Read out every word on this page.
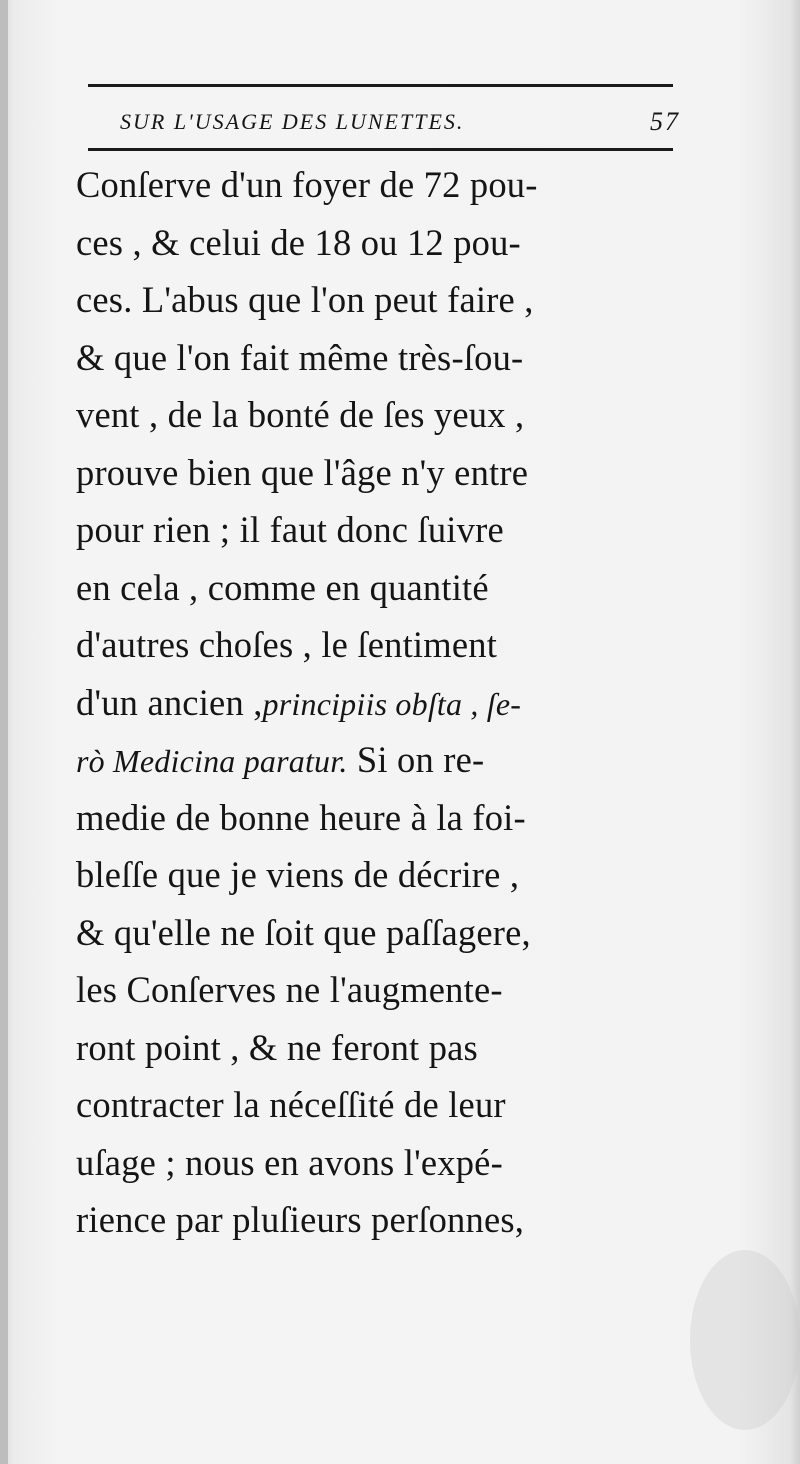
SUR L'USAGE DES LUNETTES.	57
Conſerve d'un foyer de 72 pou-
ces , & celui de 18 ou 12 pou-
ces. L'abus que l'on peut faire ,
& que l'on fait même très-ſou-
vent , de la bonté de ſes yeux ,
prouve bien que l'âge n'y entre
pour rien ; il faut donc ſuivre
en cela , comme en quantité
d'autres choſes , le ſentiment
d'un ancien ,principiis obſta , ſe-
rò Medicina paratur. Si on re-
medie de bonne heure à la foi-
bleſſe que je viens de décrire ,
& qu'elle ne ſoit que paſſagere,
les Conſerves ne l'augmente-
ront point , & ne feront pas
contracter la néceſſité de leur
uſage ; nous en avons l'expé-
rience par pluſieurs perſonnes,
